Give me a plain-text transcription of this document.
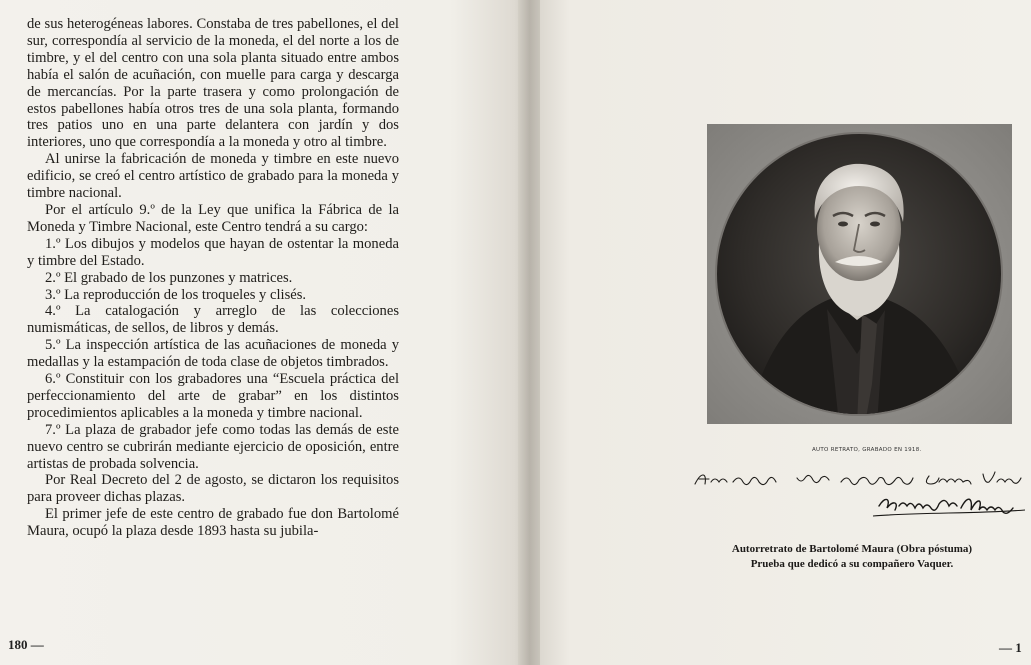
de sus heterogéneas labores. Constaba de tres pabellones, el del sur, correspondía al servicio de la moneda, el del norte a los de timbre, y el del centro con una sola planta situado entre ambos había el salón de acuñación, con muelle para carga y descarga de mercancías. Por la parte trasera y como prolongación de estos pabellones había otros tres de una sola planta, formando tres patios uno en una parte delantera con jardín y dos interiores, uno que correspondía a la moneda y otro al timbre.

Al unirse la fabricación de moneda y timbre en este nuevo edificio, se creó el centro artístico de grabado para la moneda y timbre nacional.

Por el artículo 9.º de la Ley que unifica la Fábrica de la Moneda y Timbre Nacional, este Centro tendrá a su cargo:

1.º Los dibujos y modelos que hayan de ostentar la moneda y timbre del Estado.

2.º El grabado de los punzones y matrices.

3.º La reproducción de los troqueles y clisés.

4.º La catalogación y arreglo de las colecciones numismáticas, de sellos, de libros y demás.

5.º La inspección artística de las acuñaciones de moneda y medallas y la estampación de toda clase de objetos timbrados.

6.º Constituir con los grabadores una “Escuela práctica del perfeccionamiento del arte de grabar” en los distintos procedimientos aplicables a la moneda y timbre nacional.

7.º La plaza de grabador jefe como todas las demás de este nuevo centro se cubrirán mediante ejercicio de oposición, entre artistas de probada solvencia.

Por Real Decreto del 2 de agosto, se dictaron los requisitos para proveer dichas plazas.

El primer jefe de este centro de grabado fue don Bartolomé Maura, ocupó la plaza desde 1893 hasta su jubila-

180 —
AUTO RETRATO, GRABADO EN 1918.

Autorretrato de Bartolomé Maura (Obra póstuma)

Prueba que dedicó a su compañero Vaquer.

— 1
